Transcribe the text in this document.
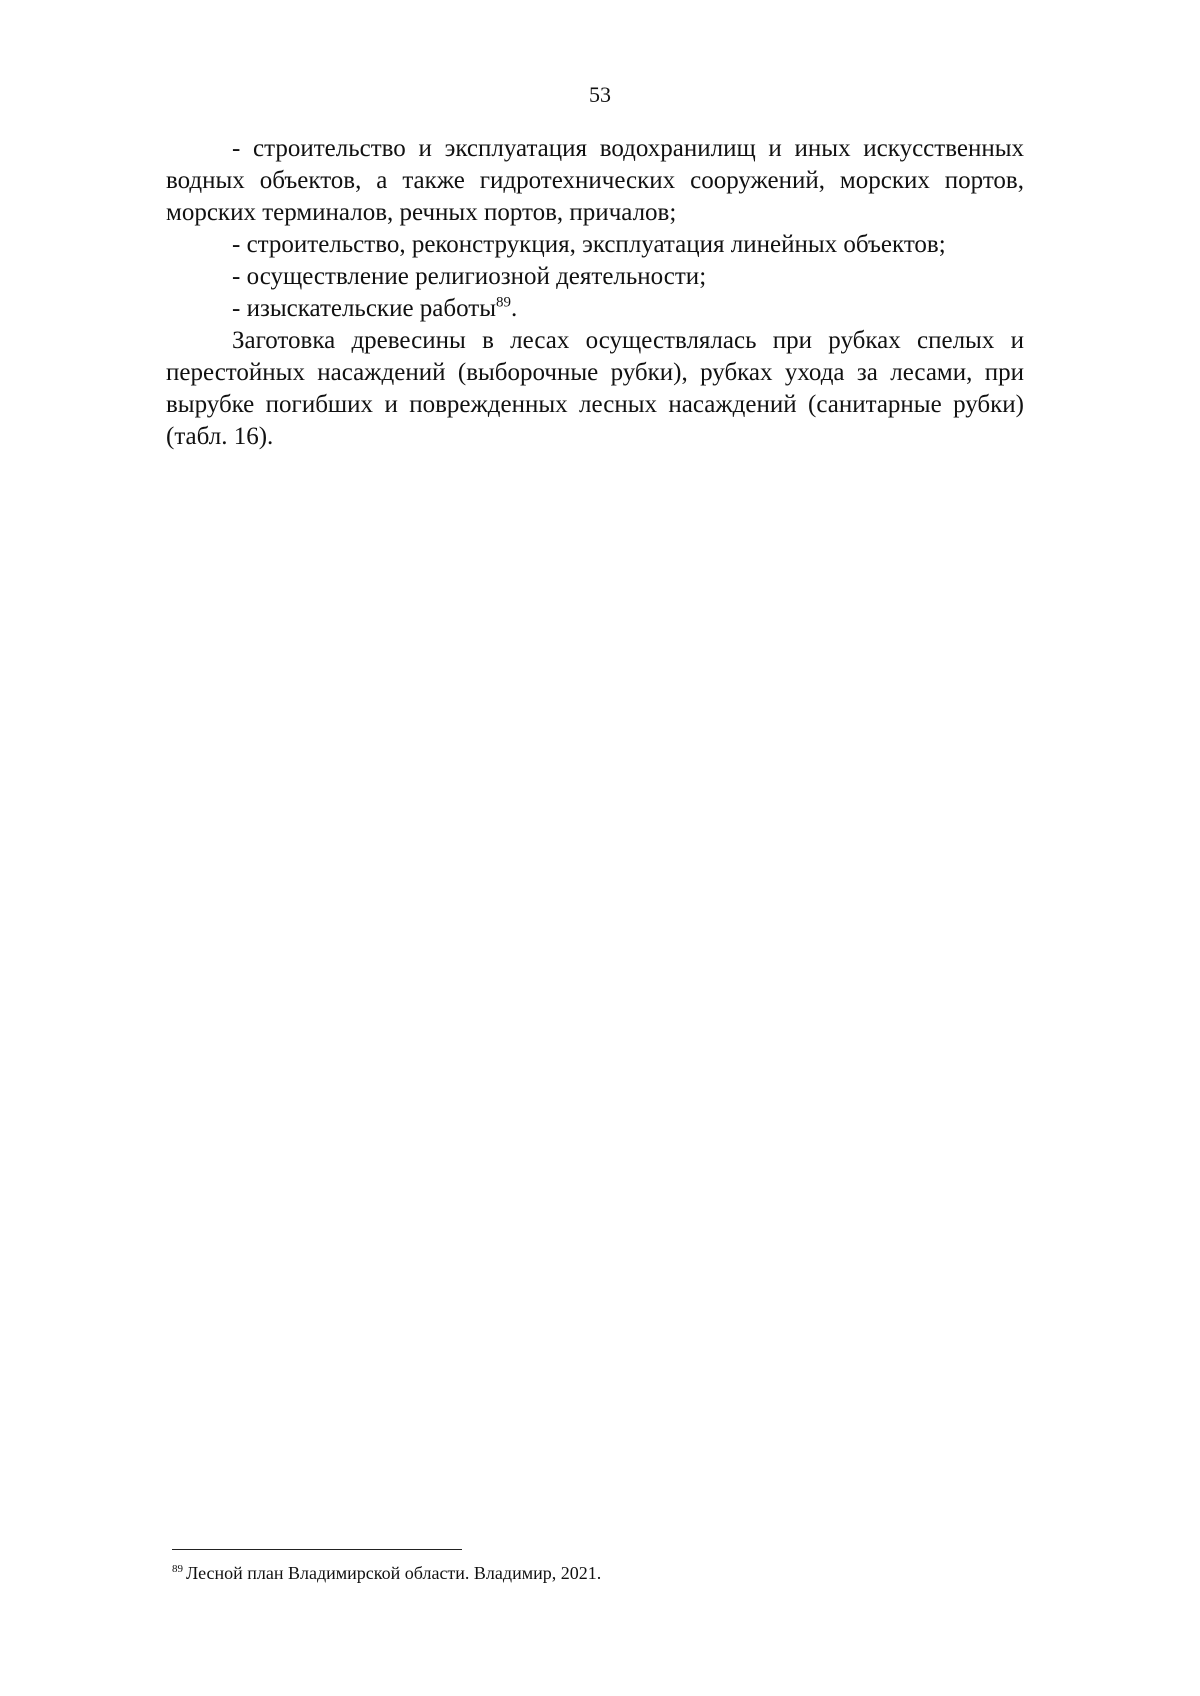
53

- строительство и эксплуатация водохранилищ и иных искусственных водных объектов, а также гидротехнических сооружений, морских портов, морских терминалов, речных портов, причалов;

- строительство, реконструкция, эксплуатация линейных объектов;

- осуществление религиозной деятельности;

- изыскательские работы$^{89}$.

Заготовка древесины в лесах осуществлялась при рубках спелых и перестойных насаждений (выборочные рубки), рубках ухода за лесами, при вырубке погибших и поврежденных лесных насаждений (санитарные рубки) (табл. 16).

$^{89}$ Лесной план Владимирской области. Владимир, 2021.
